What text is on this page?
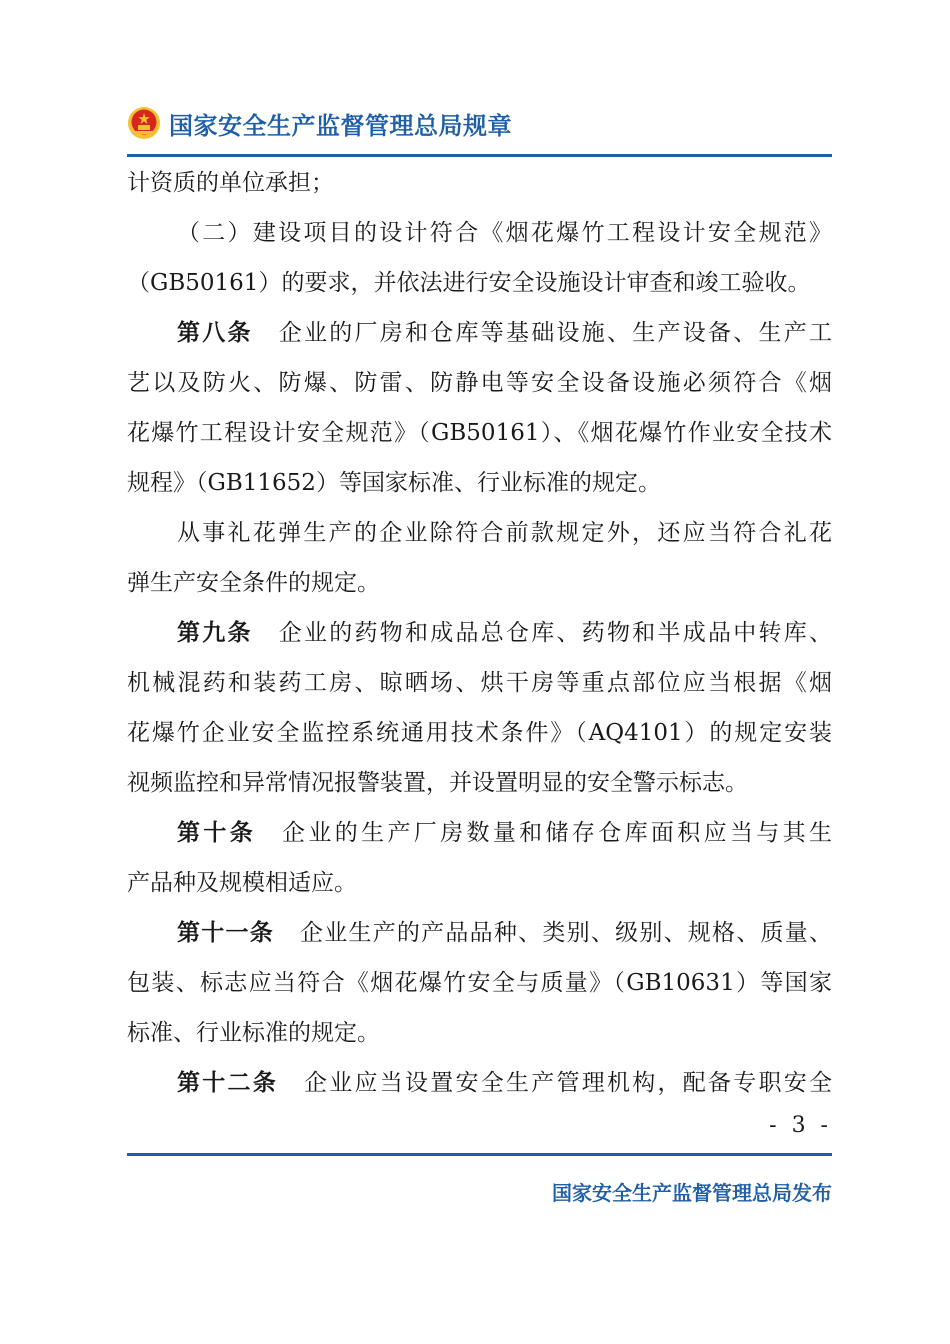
国家安全生产监督管理总局规章
计资质的单位承担；
（二）建设项目的设计符合《烟花爆竹工程设计安全规范》
（GB50161）的要求，并依法进行安全设施设计审查和竣工验收。
第八条 企业的厂房和仓库等基础设施、生产设备、生产工
艺以及防火、防爆、防雷、防静电等安全设备设施必须符合《烟
花爆竹工程设计安全规范》（GB50161）、《烟花爆竹作业安全技术
规程》（GB11652）等国家标准、行业标准的规定。
从事礼花弹生产的企业除符合前款规定外，还应当符合礼花
弹生产安全条件的规定。
第九条 企业的药物和成品总仓库、药物和半成品中转库、
机械混药和装药工房、晾晒场、烘干房等重点部位应当根据《烟
花爆竹企业安全监控系统通用技术条件》（AQ4101）的规定安装
视频监控和异常情况报警装置，并设置明显的安全警示标志。
第十条 企业的生产厂房数量和储存仓库面积应当与其生
产品种及规模相适应。
第十一条 企业生产的产品品种、类别、级别、规格、质量、
包装、标志应当符合《烟花爆竹安全与质量》（GB10631）等国家
标准、行业标准的规定。
第十二条 企业应当设置安全生产管理机构，配备专职安全
- 3 -
国家安全生产监督管理总局发布
